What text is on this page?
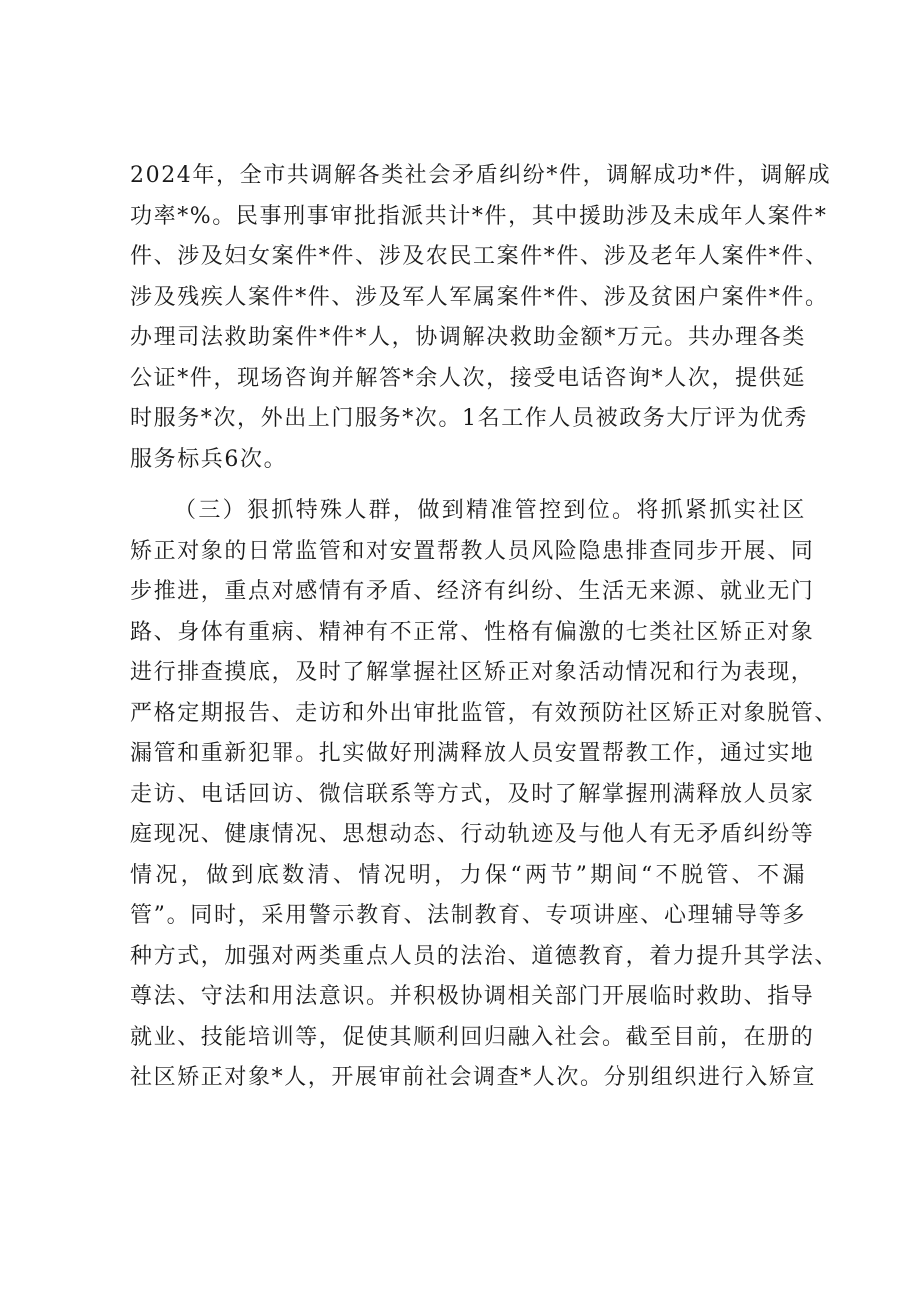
2024年，全市共调解各类社会矛盾纠纷*件，调解成功*件，调解成
功率*%。民事刑事审批指派共计*件，其中援助涉及未成年人案件*
件、涉及妇女案件*件、涉及农民工案件*件、涉及老年人案件*件、
涉及残疾人案件*件、涉及军人军属案件*件、涉及贫困户案件*件。
办理司法救助案件*件*人，协调解决救助金额*万元。共办理各类
公证*件，现场咨询并解答*余人次，接受电话咨询*人次，提供延
时服务*次，外出上门服务*次。1名工作人员被政务大厅评为优秀
服务标兵6次。
（三）狠抓特殊人群，做到精准管控到位。将抓紧抓实社区
矫正对象的日常监管和对安置帮教人员风险隐患排查同步开展、同
步推进，重点对感情有矛盾、经济有纠纷、生活无来源、就业无门
路、身体有重病、精神有不正常、性格有偏激的七类社区矫正对象
进行排查摸底，及时了解掌握社区矫正对象活动情况和行为表现，
严格定期报告、走访和外出审批监管，有效预防社区矫正对象脱管、
漏管和重新犯罪。扎实做好刑满释放人员安置帮教工作，通过实地
走访、电话回访、微信联系等方式，及时了解掌握刑满释放人员家
庭现况、健康情况、思想动态、行动轨迹及与他人有无矛盾纠纷等
情况，做到底数清、情况明，力保“两节”期间“不脱管、不漏
管”。同时，采用警示教育、法制教育、专项讲座、心理辅导等多
种方式，加强对两类重点人员的法治、道德教育，着力提升其学法、
尊法、守法和用法意识。并积极协调相关部门开展临时救助、指导
就业、技能培训等，促使其顺利回归融入社会。截至目前，在册的
社区矫正对象*人，开展审前社会调查*人次。分别组织进行入矫宣
